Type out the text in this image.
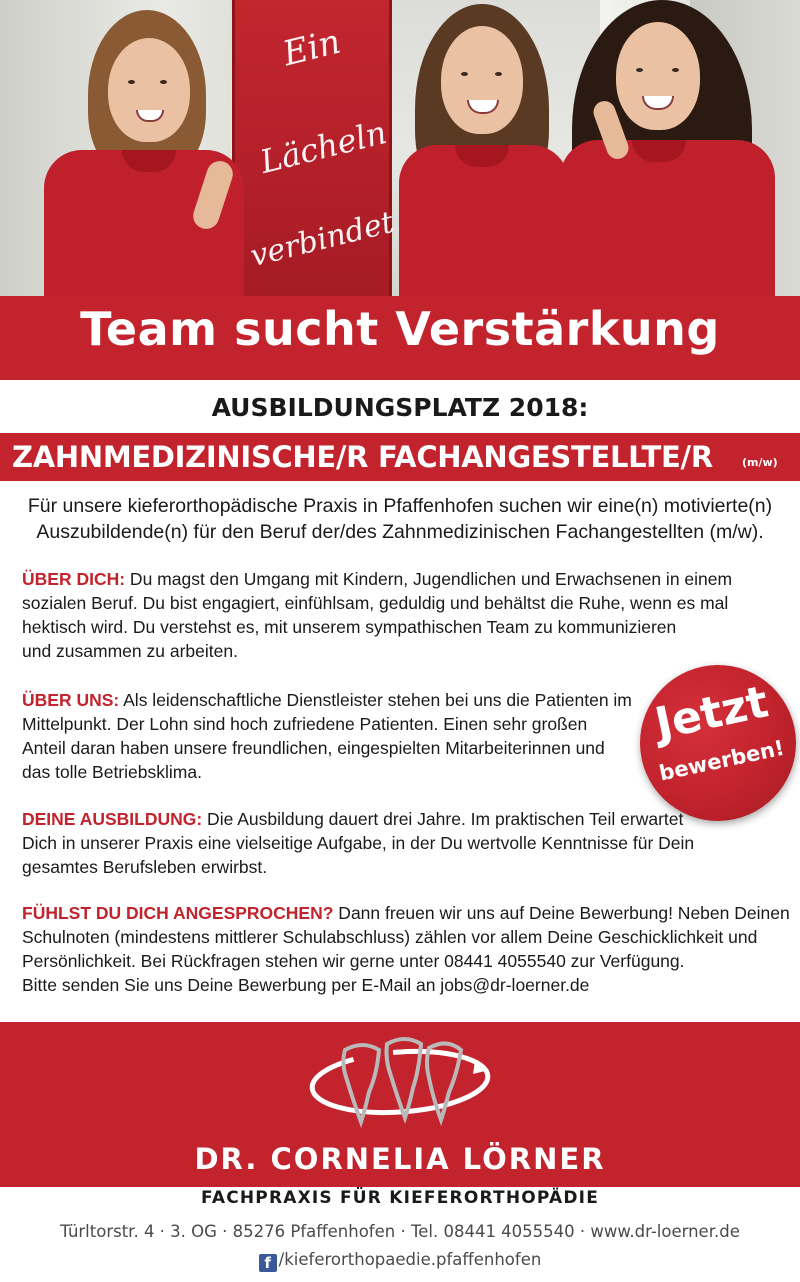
Ein
Lächeln
verbindet
Team sucht Verstärkung
AUSBILDUNGSPLATZ 2018:
ZAHNMEDIZINISCHE/R FACHANGESTELLTE/R	(m/w)
Für unsere kieferorthopädische Praxis in Pfaffenhofen suchen wir eine(n) motivierte(n)
Auszubildende(n) für den Beruf der/des Zahnmedizinischen Fachangestellten (m/w).
ÜBER DICH: Du magst den Umgang mit Kindern, Jugendlichen und Erwachsenen in einem
sozialen Beruf. Du bist engagiert, einfühlsam, geduldig und behältst die Ruhe, wenn es mal
hektisch wird. Du verstehst es, mit unserem sympathischen Team zu kommunizieren
und zusammen zu arbeiten.
ÜBER UNS: Als leidenschaftliche Dienstleister stehen bei uns die Patienten im
Mittelpunkt. Der Lohn sind hoch zufriedene Patienten. Einen sehr großen
Anteil daran haben unsere freundlichen, eingespielten Mitarbeiterinnen und
das tolle Betriebsklima.
DEINE AUSBILDUNG: Die Ausbildung dauert drei Jahre. Im praktischen Teil erwartet
Dich in unserer Praxis eine vielseitige Aufgabe, in der Du wertvolle Kenntnisse für Dein
gesamtes Berufsleben erwirbst.
FÜHLST DU DICH ANGESPROCHEN? Dann freuen wir uns auf Deine Bewerbung! Neben Deinen
Schulnoten (mindestens mittlerer Schulabschluss) zählen vor allem Deine Geschicklichkeit und
Persönlichkeit. Bei Rückfragen stehen wir gerne unter 08441 4055540 zur Verfügung.
Bitte senden Sie uns Deine Bewerbung per E-Mail an jobs@dr-loerner.de
Jetzt
bewerben!
DR. CORNELIA LÖRNER
FACHPRAXIS FÜR KIEFERORTHOPÄDIE
Türltorstr. 4 · 3. OG · 85276 Pfaffenhofen · Tel. 08441 4055540 · www.dr-loerner.de
f /kieferorthopaedie.pfaffenhofen
